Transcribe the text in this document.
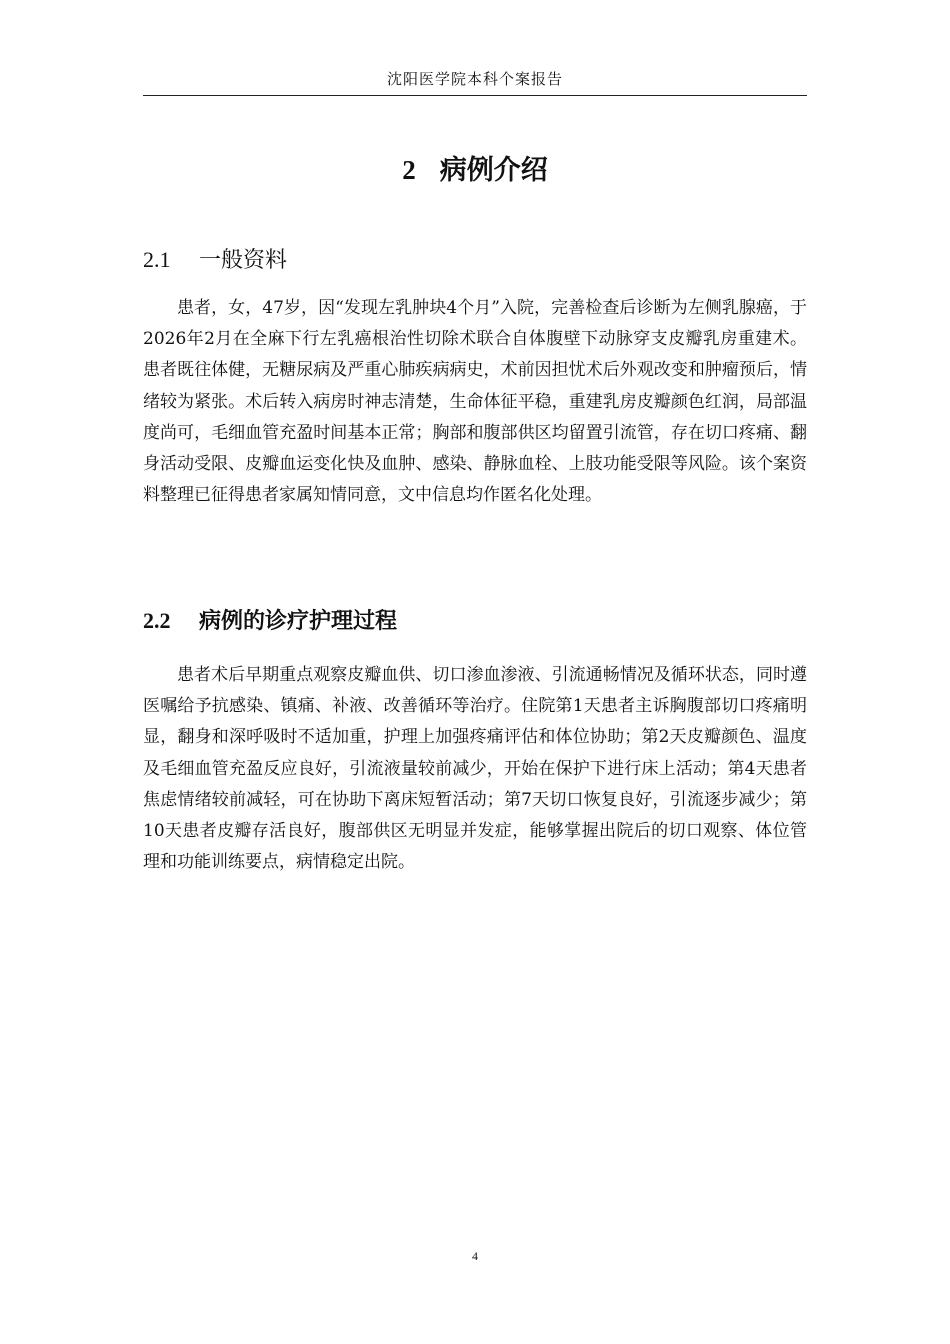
沈阳医学院本科个案报告
2 病例介绍
2.1 一般资料

患者，女，47岁，因“发现左乳肿块4个月”入院，完善检查后诊断为左侧乳腺癌，于2026年2月在全麻下行左乳癌根治性切除术联合自体腹壁下动脉穿支皮瓣乳房重建术。患者既往体健，无糖尿病及严重心肺疾病病史，术前因担忧术后外观改变和肿瘤预后，情绪较为紧张。术后转入病房时神志清楚，生命体征平稳，重建乳房皮瓣颜色红润，局部温度尚可，毛细血管充盈时间基本正常；胸部和腹部供区均留置引流管，存在切口疼痛、翻身活动受限、皮瓣血运变化快及血肿、感染、静脉血栓、上肢功能受限等风险。该个案资料整理已征得患者家属知情同意，文中信息均作匿名化处理。

2.2 病例的诊疗护理过程

患者术后早期重点观察皮瓣血供、切口渗血渗液、引流通畅情况及循环状态，同时遵医嘱给予抗感染、镇痛、补液、改善循环等治疗。住院第1天患者主诉胸腹部切口疼痛明显，翻身和深呼吸时不适加重，护理上加强疼痛评估和体位协助；第2天皮瓣颜色、温度及毛细血管充盈反应良好，引流液量较前减少，开始在保护下进行床上活动；第4天患者焦虑情绪较前减轻，可在协助下离床短暂活动；第7天切口恢复良好，引流逐步减少；第10天患者皮瓣存活良好，腹部供区无明显并发症，能够掌握出院后的切口观察、体位管理和功能训练要点，病情稳定出院。

4
